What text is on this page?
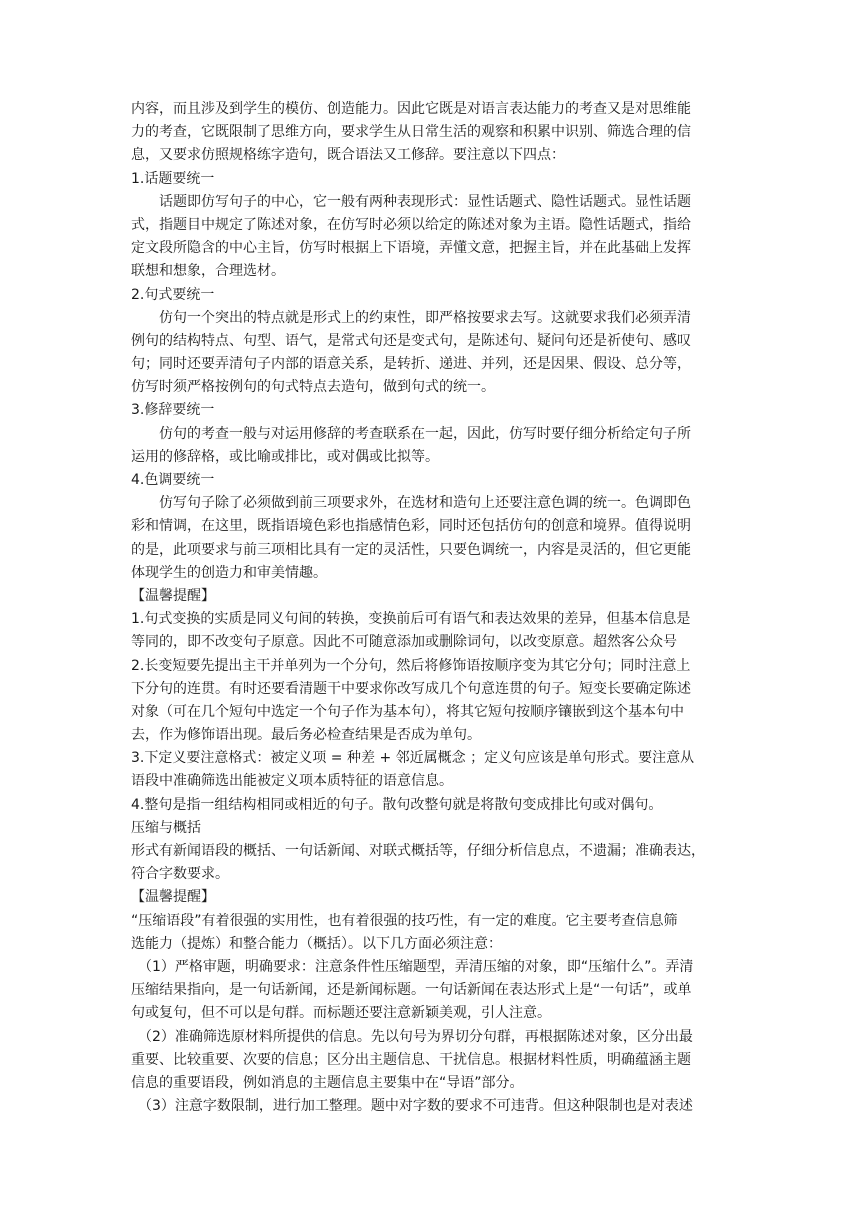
内容，而且涉及到学生的模仿、创造能力。因此它既是对语言表达能力的考查又是对思维能
力的考查，它既限制了思维方向，要求学生从日常生活的观察和积累中识别、筛选合理的信
息，又要求仿照规格练字造句，既合语法又工修辞。要注意以下四点：
1.话题要统一
话题即仿写句子的中心，它一般有两种表现形式：显性话题式、隐性话题式。显性话题
式，指题目中规定了陈述对象，在仿写时必须以给定的陈述对象为主语。隐性话题式，指给
定文段所隐含的中心主旨，仿写时根据上下语境，弄懂文意，把握主旨，并在此基础上发挥
联想和想象，合理选材。
2.句式要统一
仿句一个突出的特点就是形式上的约束性，即严格按要求去写。这就要求我们必须弄清
例句的结构特点、句型、语气，是常式句还是变式句，是陈述句、疑问句还是祈使句、感叹
句；同时还要弄清句子内部的语意关系，是转折、递进、并列，还是因果、假设、总分等，
仿写时须严格按例句的句式特点去造句，做到句式的统一。
3.修辞要统一
仿句的考查一般与对运用修辞的考查联系在一起，因此，仿写时要仔细分析给定句子所
运用的修辞格，或比喻或排比，或对偶或比拟等。
4.色调要统一
仿写句子除了必须做到前三项要求外，在选材和造句上还要注意色调的统一。色调即色
彩和情调，在这里，既指语境色彩也指感情色彩，同时还包括仿句的创意和境界。值得说明
的是，此项要求与前三项相比具有一定的灵活性，只要色调统一，内容是灵活的，但它更能
体现学生的创造力和审美情趣。
【温馨提醒】
1.句式变换的实质是同义句间的转换，变换前后可有语气和表达效果的差异，但基本信息是
等同的，即不改变句子原意。因此不可随意添加或删除词句，以改变原意。超然客公众号
2.长变短要先提出主干并单列为一个分句，然后将修饰语按顺序变为其它分句；同时注意上
下分句的连贯。有时还要看清题干中要求你改写成几个句意连贯的句子。短变长要确定陈述
对象（可在几个短句中选定一个句子作为基本句），将其它短句按顺序镶嵌到这个基本句中
去，作为修饰语出现。最后务必检查结果是否成为单句。
3.下定义要注意格式：被定义项 = 种差 + 邻近属概念 ；定义句应该是单句形式。要注意从
语段中准确筛选出能被定义项本质特征的语意信息。
4.整句是指一组结构相同或相近的句子。散句改整句就是将散句变成排比句或对偶句。
压缩与概括
形式有新闻语段的概括、一句话新闻、对联式概括等，仔细分析信息点，不遗漏；准确表达，
符合字数要求。
【温馨提醒】
“压缩语段”有着很强的实用性，也有着很强的技巧性，有一定的难度。它主要考查信息筛
选能力（提炼）和整合能力（概括）。以下几方面必须注意：
（1）严格审题，明确要求：注意条件性压缩题型，弄清压缩的对象，即“压缩什么”。弄清
压缩结果指向，是一句话新闻，还是新闻标题。一句话新闻在表达形式上是“一句话”，或单
句或复句，但不可以是句群。而标题还要注意新颖美观，引人注意。
（2）准确筛选原材料所提供的信息。先以句号为界切分句群，再根据陈述对象，区分出最
重要、比较重要、次要的信息；区分出主题信息、干扰信息。根据材料性质，明确蕴涵主题
信息的重要语段，例如消息的主题信息主要集中在“导语”部分。
（3）注意字数限制，进行加工整理。题中对字数的要求不可违背。但这种限制也是对表述
